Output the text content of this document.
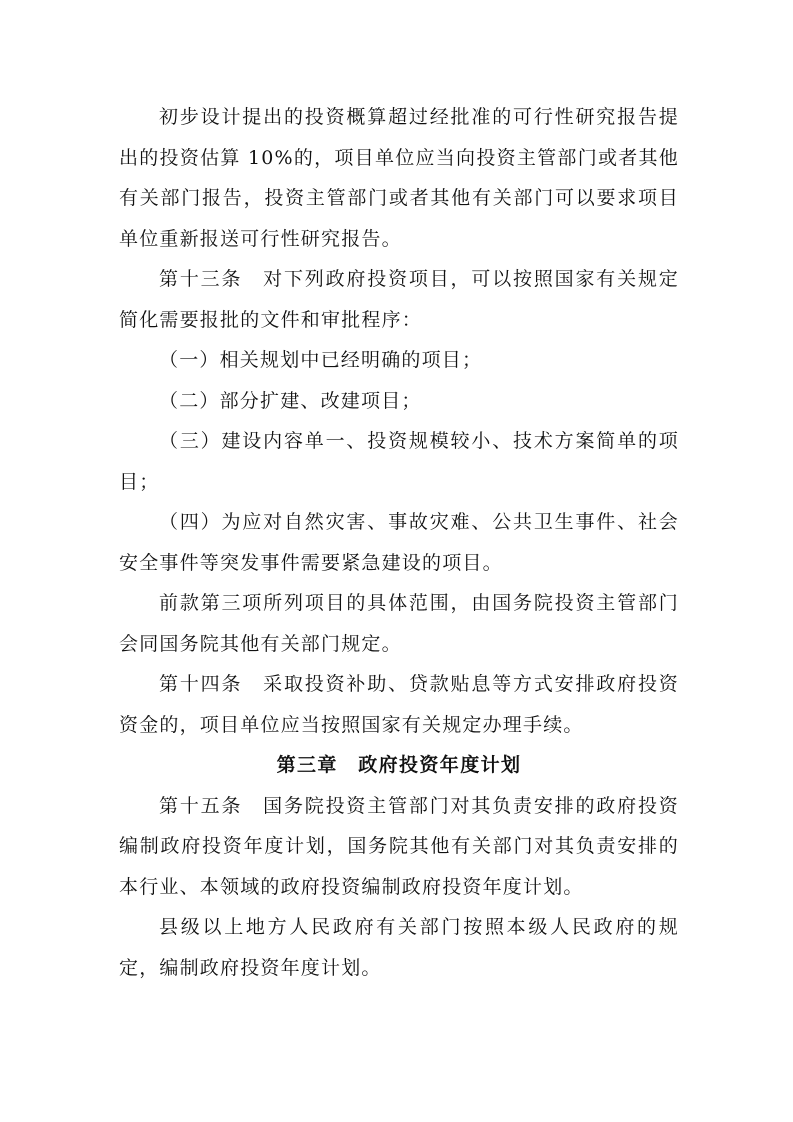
初步设计提出的投资概算超过经批准的可行性研究报告提出的投资估算 10%的，项目单位应当向投资主管部门或者其他有关部门报告，投资主管部门或者其他有关部门可以要求项目单位重新报送可行性研究报告。

第十三条　对下列政府投资项目，可以按照国家有关规定简化需要报批的文件和审批程序：

（一）相关规划中已经明确的项目；

（二）部分扩建、改建项目；

（三）建设内容单一、投资规模较小、技术方案简单的项目；

（四）为应对自然灾害、事故灾难、公共卫生事件、社会安全事件等突发事件需要紧急建设的项目。

前款第三项所列项目的具体范围，由国务院投资主管部门会同国务院其他有关部门规定。

第十四条　采取投资补助、贷款贴息等方式安排政府投资资金的，项目单位应当按照国家有关规定办理手续。

第三章　政府投资年度计划

第十五条　国务院投资主管部门对其负责安排的政府投资编制政府投资年度计划，国务院其他有关部门对其负责安排的本行业、本领域的政府投资编制政府投资年度计划。

县级以上地方人民政府有关部门按照本级人民政府的规定，编制政府投资年度计划。
